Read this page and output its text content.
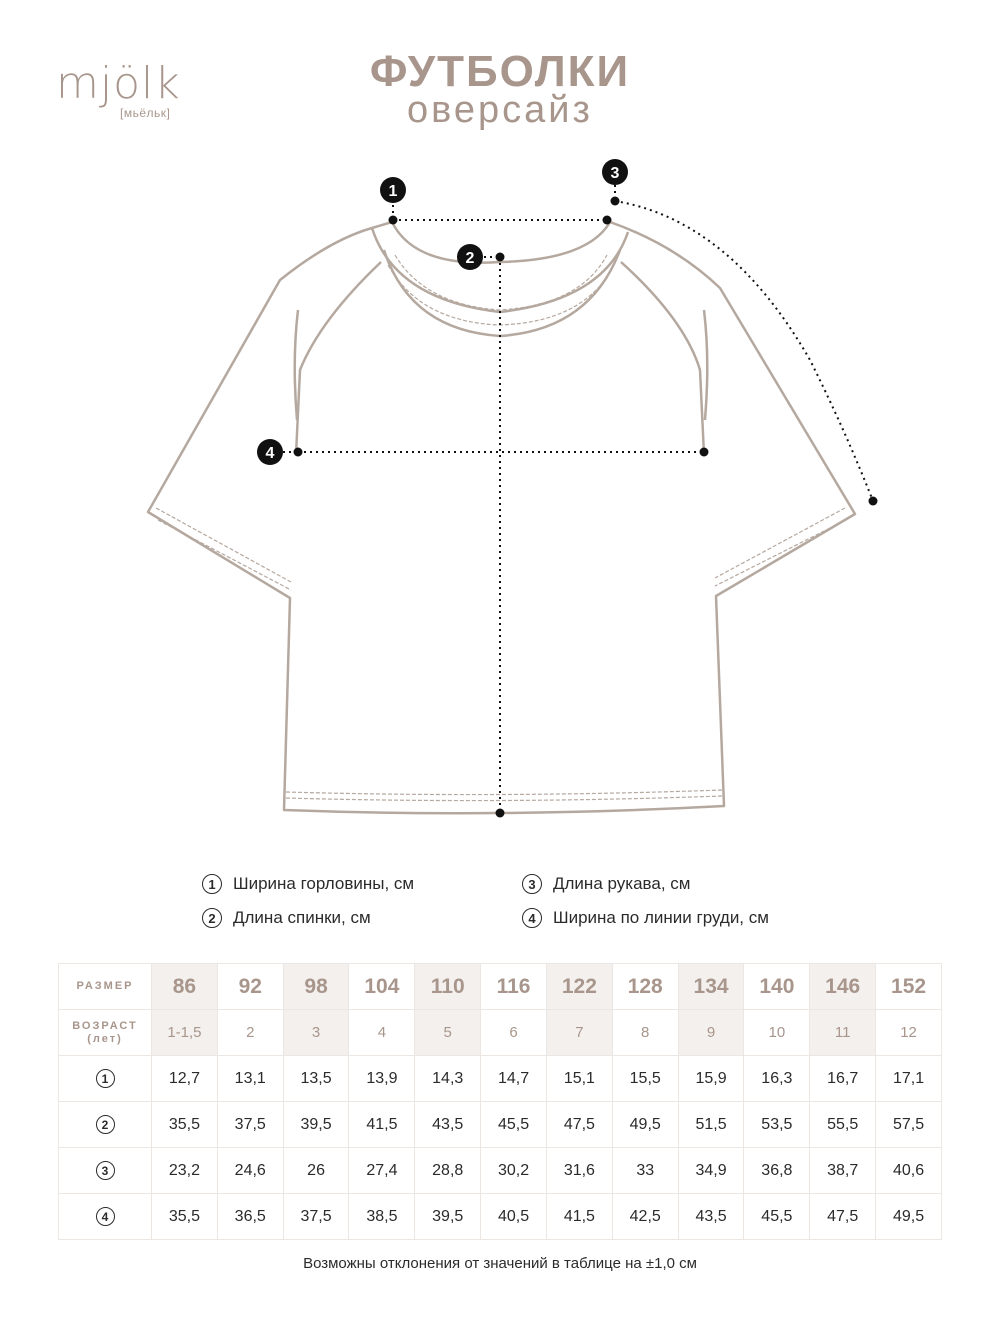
mjölk
[мьёльк]
ФУТБОЛКИ
оверсайз
1
2
3
4
1	Ширина горловины, см
2	Длина спинки, см
3	Длина рукава, см
4	Ширина по линии груди, см
РАЗМЕР	86	92	98	104	110	116	122	128	134	140	146	152

ВОЗРАСТ
(лет)	1-1,5	2	3	4	5	6	7	8	9	10	11	12
1	12,7	13,1	13,5	13,9	14,3	14,7	15,1	15,5	15,9	16,3	16,7	17,1
2	35,5	37,5	39,5	41,5	43,5	45,5	47,5	49,5	51,5	53,5	55,5	57,5
3	23,2	24,6	26	27,4	28,8	30,2	31,6	33	34,9	36,8	38,7	40,6
4	35,5	36,5	37,5	38,5	39,5	40,5	41,5	42,5	43,5	45,5	47,5	49,5
Возможны отклонения от значений в таблице на ±1,0 см
